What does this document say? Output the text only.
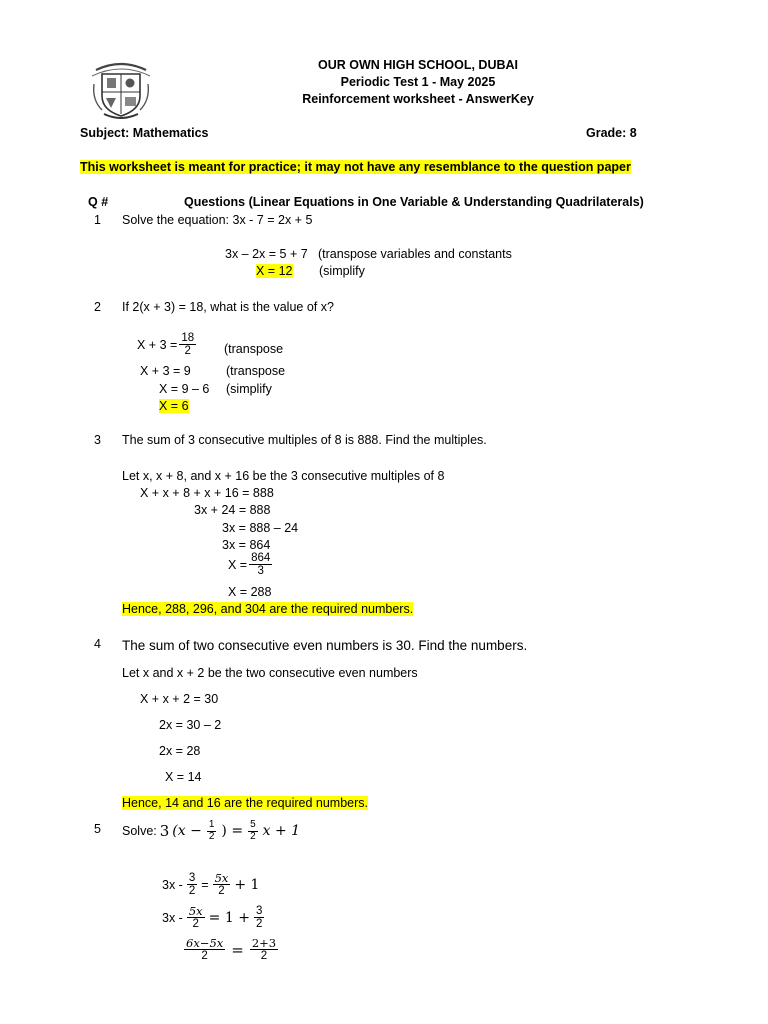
OUR OWN HIGH SCHOOL, DUBAI
Periodic Test 1 - May 2025
Reinforcement worksheet - AnswerKey
Subject: Mathematics	Grade: 8
This worksheet is meant for practice; it may not have any resemblance to the question paper
Q #	Questions (Linear Equations in One Variable & Understanding Quadrilaterals)
1 Solve the equation: 3x - 7 = 2x + 5
3x – 2x = 5 + 7 (transpose variables and constants
X = 12 (simplify
2 If 2(x + 3) = 18, what is the value of x?
$X + 3 = \frac{18}{2}$ (transpose
X + 3 = 9	(transpose
X = 9 – 6 (simplify
X = 6
3 The sum of 3 consecutive multiples of 8 is 888. Find the multiples.
Let x, x + 8, and x + 16 be the 3 consecutive multiples of 8
X + x + 8 + x + 16 = 888
3x + 24 = 888
3x = 888 – 24
3x = 864
$X = \frac{864}{3}$
X = 288
Hence, 288, 296, and 304 are the required numbers.
4 The sum of two consecutive even numbers is 30. Find the numbers.
Let x and x + 2 be the two consecutive even numbers
X + x + 2 = 30
2x = 30 – 2
2x = 28
X = 14
Hence, 14 and 16 are the required numbers.
5 Solve: 3 ($x - \frac{1}{2}$ ) = $\frac{5}{2}$ x + 1
$3x - \frac{3}{2} = \frac{5x}{2} + 1$
$3x - \frac{5x}{2} = 1 + \frac{3}{2}$
$\frac{6x-5x}{2} = \frac{2+3}{2}$
